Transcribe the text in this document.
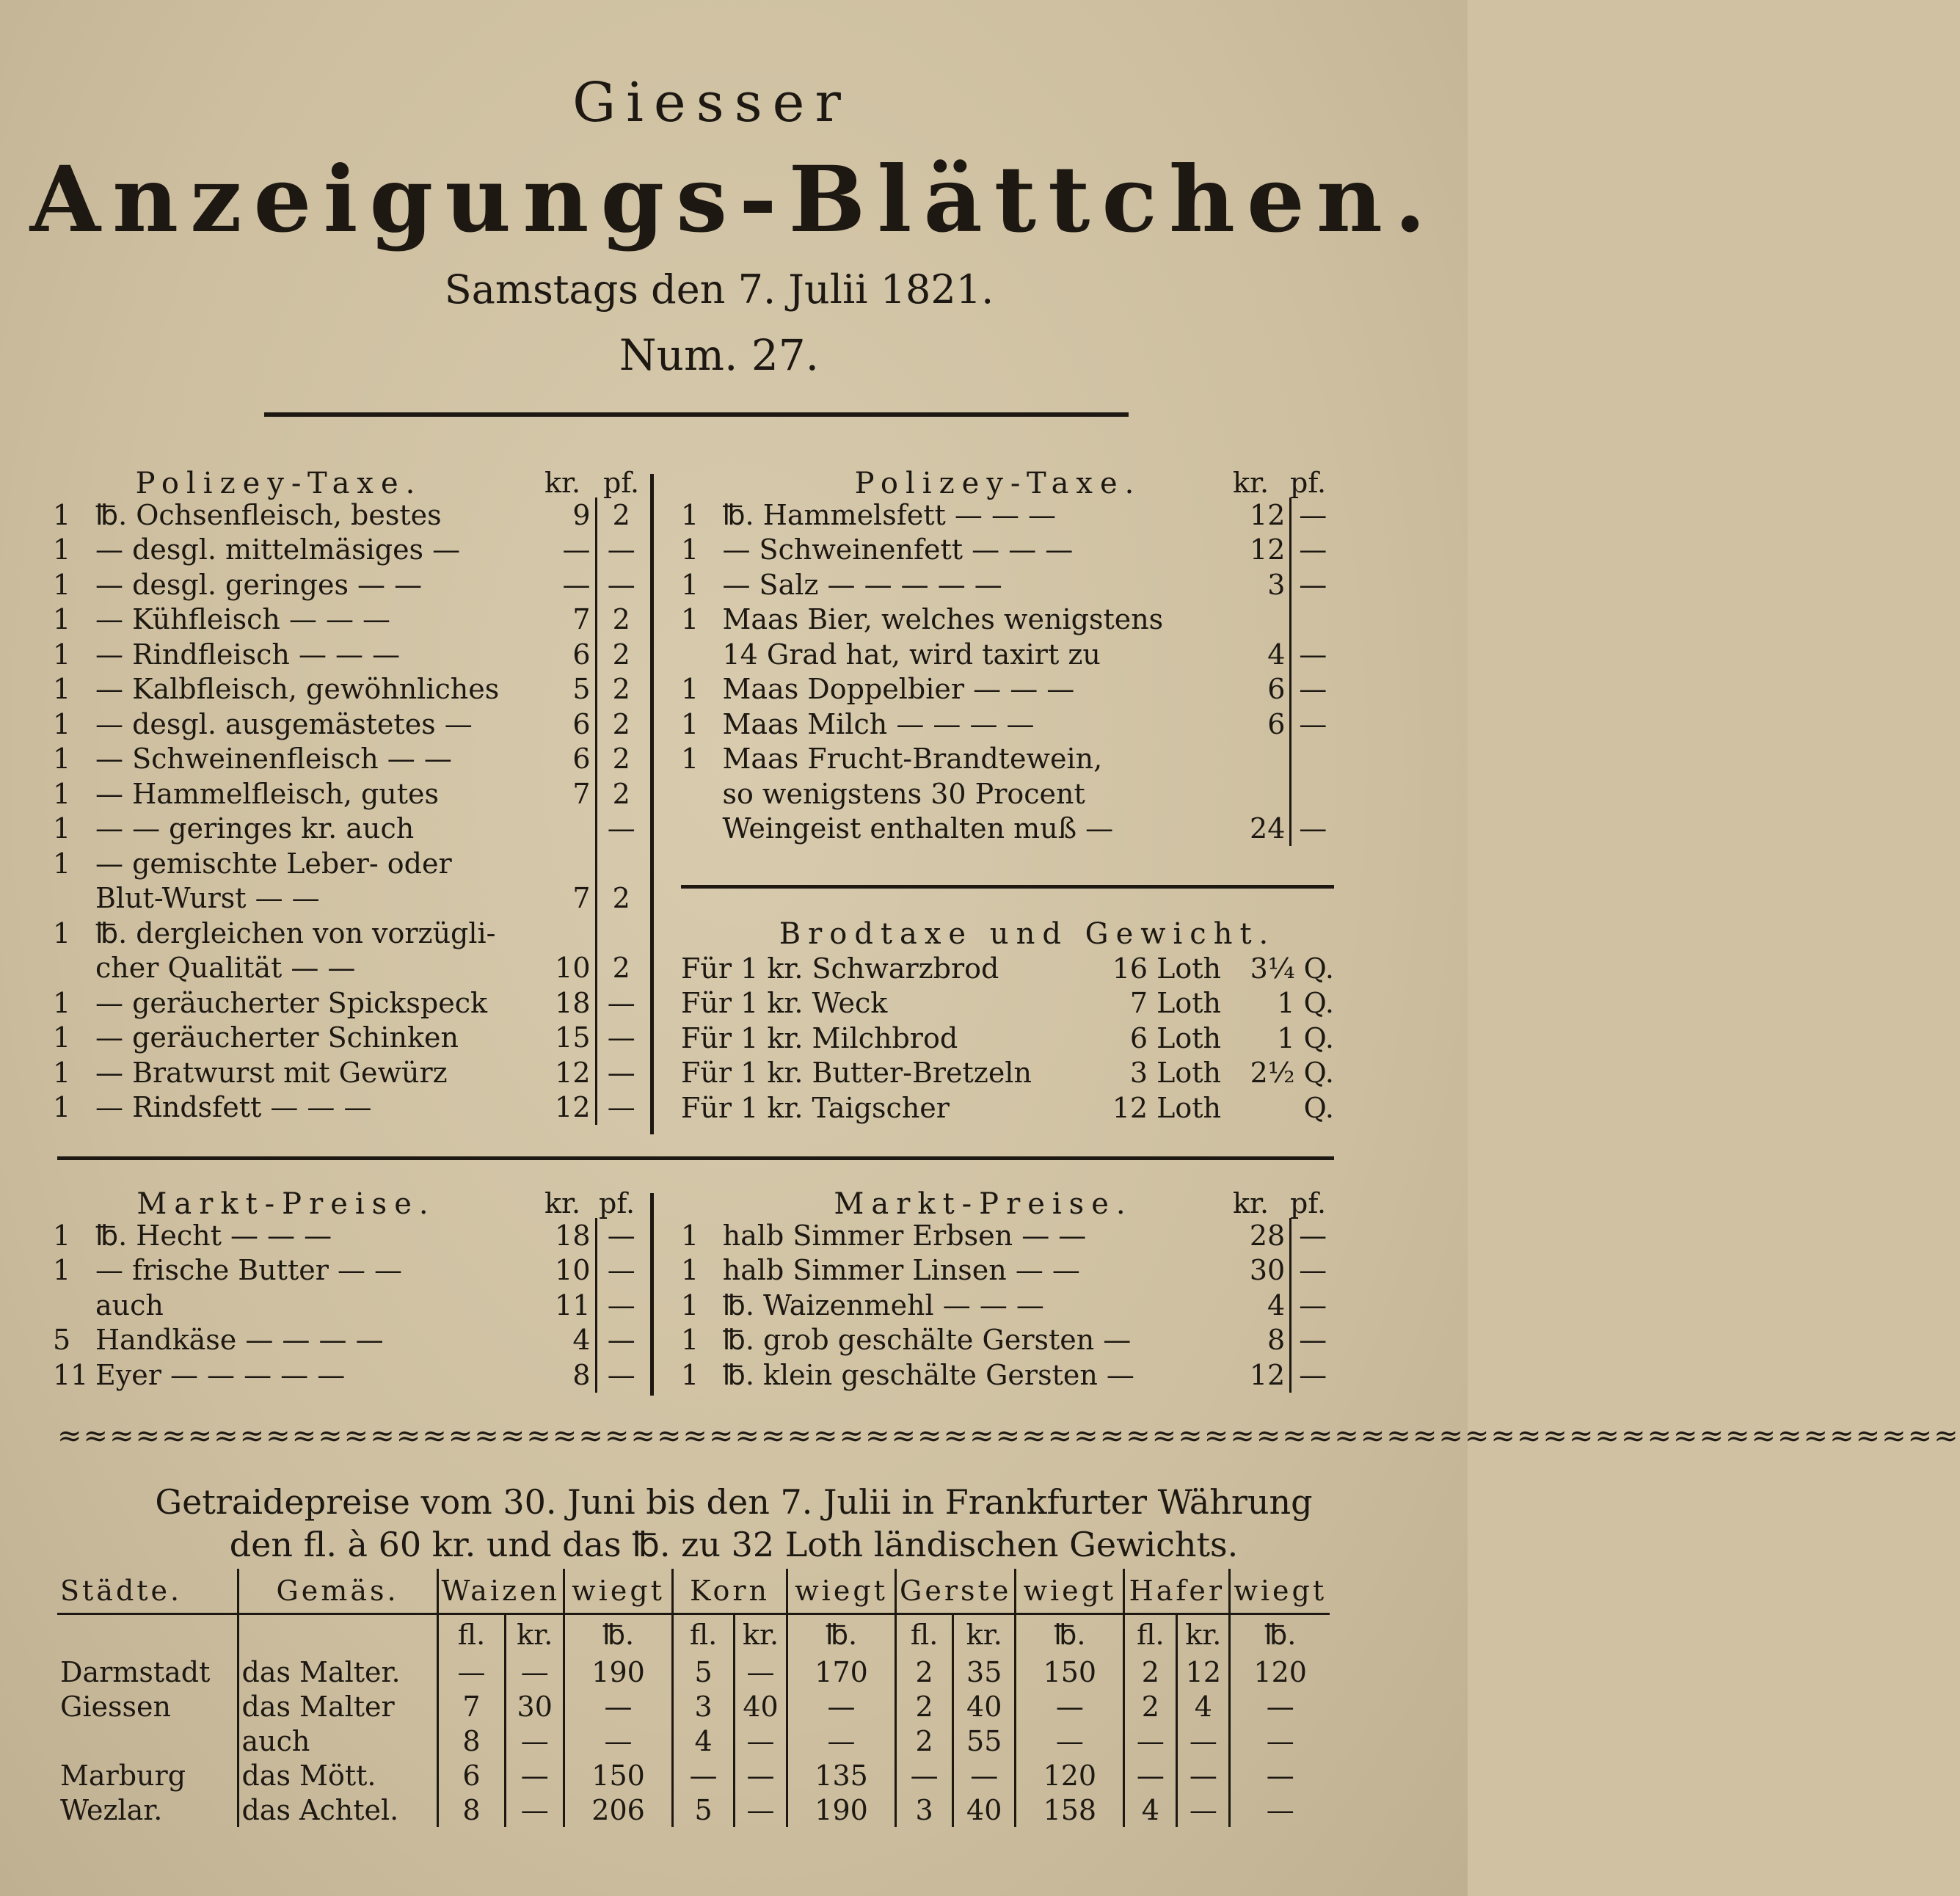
Giesser
Anzeigungs-Blättchen.
Samstags den 7. Julii 1821.
Num. 27.
Polizey-Taxe.	kr. pf.
1	℔. Ochsenfleisch, bestes	9	2
1	— desgl. mittelmäsiges —	—	—
1	— desgl. geringes — —	—	—
1	— Kühfleisch — — —	7	2
1	— Rindfleisch — — —	6	2
1	— Kalbfleisch, gewöhnliches	5	2
1	— desgl. ausgemästetes —	6	2
1	— Schweinenfleisch — —	6	2
1	— Hammelfleisch, gutes	7	2
1	— — geringes kr. auch		—
1	— gemischte Leber- oder		
	Blut-Wurst — —	7	2
1	℔. dergleichen von vorzügli-		
	cher Qualität — —	10	2
1	— geräucherter Spickspeck	18	—
1	— geräucherter Schinken	15	—
1	— Bratwurst mit Gewürz	12	—
1	— Rindsfett — — —	12	—
Polizey-Taxe.	kr. pf.
1	℔. Hammelsfett — — —	12	—
1	— Schweinenfett — — —	12	—
1	— Salz — — — — —	3	—
1	Maas Bier, welches wenigstens		
	14 Grad hat, wird taxirt zu	4	—
1	Maas Doppelbier — — —	6	—
1	Maas Milch — — — —	6	—
1	Maas Frucht-Brandtewein,		
	so wenigstens 30 Procent		
	Weingeist enthalten muß —	24	—
Brodtaxe und Gewicht.
Für 1 kr. Schwarzbrod	16 Loth	3¼ Q.
Für 1 kr. Weck	7 Loth	1 Q.
Für 1 kr. Milchbrod	6 Loth	1 Q.
Für 1 kr. Butter-Bretzeln	3 Loth	2½ Q.
Für 1 kr. Taigscher	12 Loth	Q.
Markt-Preise.	kr. pf.
1	℔. Hecht — — —	18	—
1	— frische Butter — —	10	—
	auch	11	—
5	Handkäse — — — —	4	—
11	Eyer — — — — —	8	—
Markt-Preise.	kr. pf.
1	halb Simmer Erbsen — —	28	—
1	halb Simmer Linsen — —	30	—
1	℔. Waizenmehl — — —	4	—
1	℔. grob geschälte Gersten —	8	—
1	℔. klein geschälte Gersten —	12	—
≈≈≈≈≈≈≈≈≈≈≈≈≈≈≈≈≈≈≈≈≈≈≈≈≈≈≈≈≈≈≈≈≈≈≈≈≈≈≈≈≈≈≈≈≈≈≈≈≈≈≈≈≈≈≈≈≈≈≈≈≈≈≈≈≈≈≈≈≈≈≈≈≈
Getraidepreise vom 30. Juni bis den 7. Julii in Frankfurter Währung
den fl. à 60 kr. und das ℔. zu 32 Loth ländischen Gewichts.
Städte.	Gemäs.	Waizen		wiegt	Korn		wiegt	Gerste		wiegt	Hafer		wiegt
		fl.	kr.	℔.	fl.	kr.	℔.	fl.	kr.	℔.	fl.	kr.	℔.
Darmstadt	das Malter.	—	—	190	5	—	170	2	35	150	2	12	120
Giessen	das Malter	7	30	—	3	40	—	2	40	—	2	4	—
	auch	8	—	—	4	—	—	2	55	—	—	—	—
Marburg	das Mött.	6	—	150	—	—	135	—	—	120	—	—	—
Wezlar.	das Achtel.	8	—	206	5	—	190	3	40	158	4	—	—
